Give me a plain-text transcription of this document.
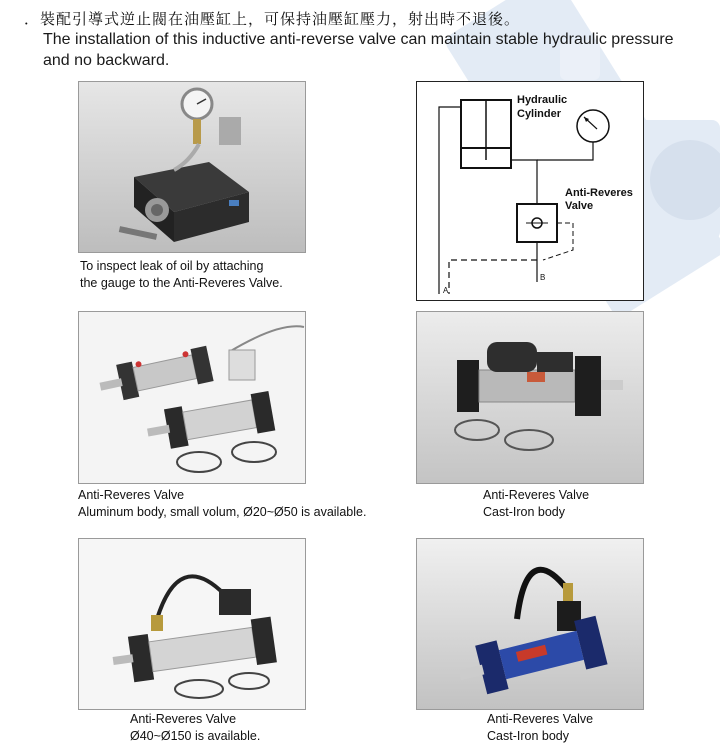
．裝配引導式逆止閥在油壓缸上，可保持油壓缸壓力，射出時不退後。
The installation of this inductive anti-reverse valve can maintain stable hydraulic pressure and no backward.
To inspect leak of oil by attaching
the gauge to the Anti-Reveres Valve.
Hydraulic
Cylinder
Anti-Reveres
Valve
A
B
Anti-Reveres Valve
Aluminum body, small volum, Ø20~Ø50 is available.
Anti-Reveres Valve
Cast-Iron body
Anti-Reveres Valve
Ø40~Ø150 is available.
Anti-Reveres Valve
Cast-Iron body
